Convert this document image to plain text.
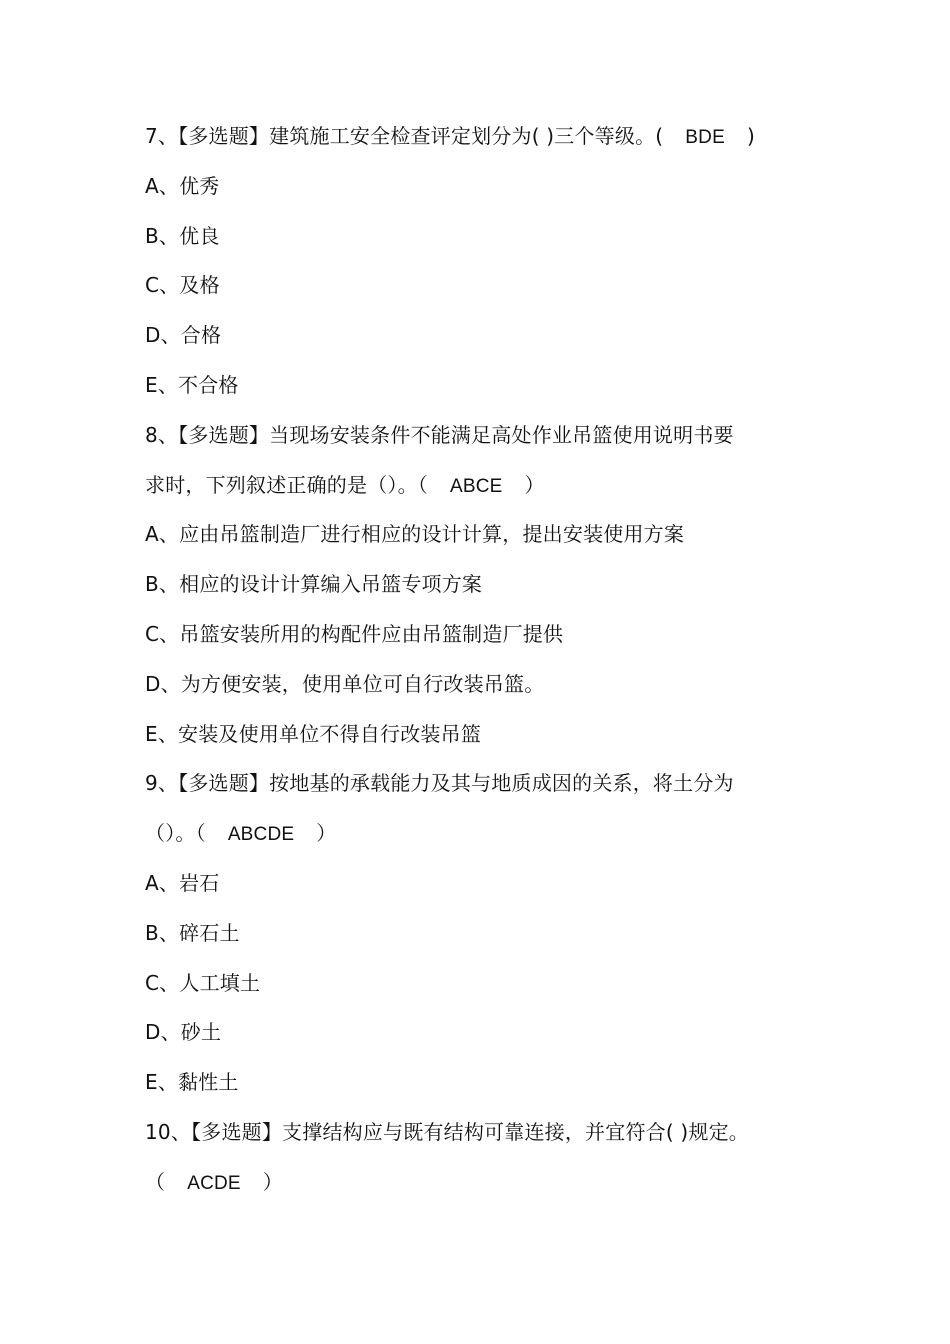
7、【多选题】建筑施工安全检查评定划分为( )三个等级。( BDE )
A、优秀
B、优良
C、及格
D、合格
E、不合格
8、【多选题】当现场安装条件不能满足高处作业吊篮使用说明书要
求时，下列叙述正确的是（）。（ ABCE ）
A、应由吊篮制造厂进行相应的设计计算，提出安装使用方案
B、相应的设计计算编入吊篮专项方案
C、吊篮安装所用的构配件应由吊篮制造厂提供
D、为方便安装，使用单位可自行改装吊篮。
E、安装及使用单位不得自行改装吊篮
9、【多选题】按地基的承载能力及其与地质成因的关系，将土分为
（）。（ ABCDE ）
A、岩石
B、碎石土
C、人工填土
D、砂土
E、黏性土
10、【多选题】支撑结构应与既有结构可靠连接，并宜符合( )规定。
（ ACDE ）
